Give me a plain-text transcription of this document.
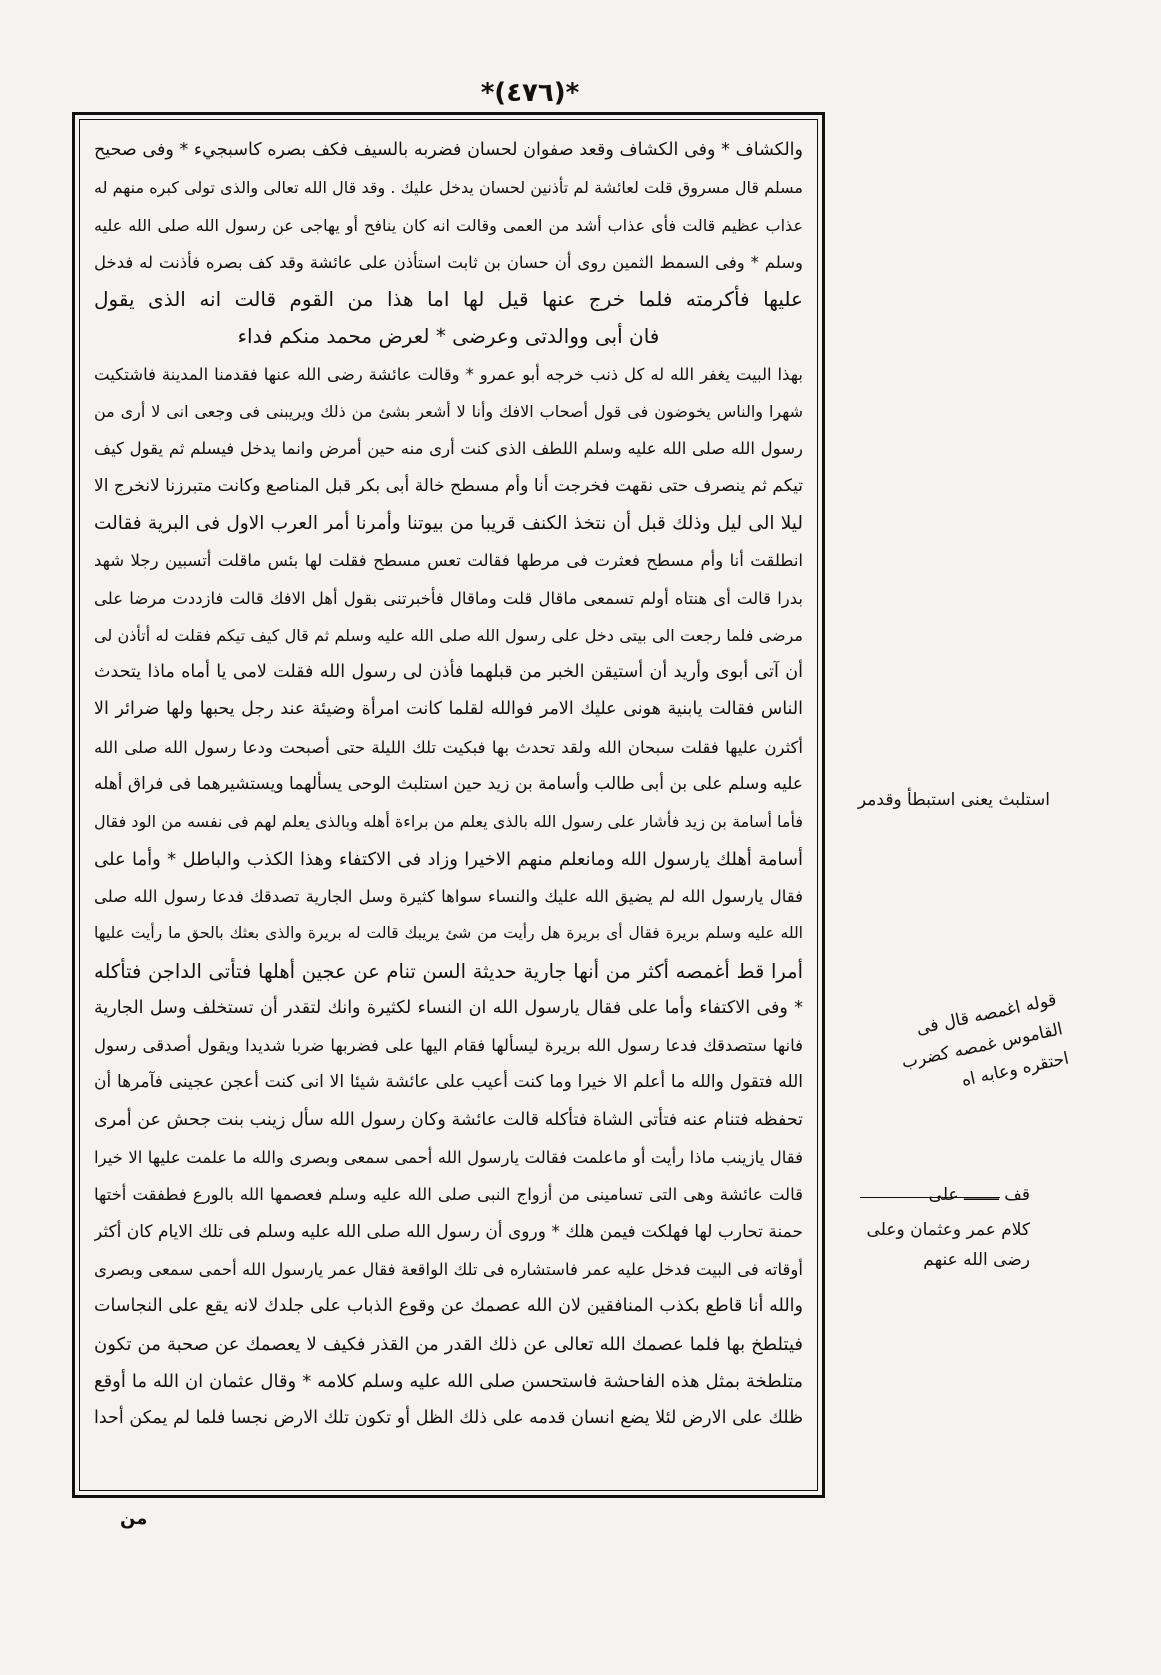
*(٤٧٦)*
والكشاف * وفى الكشاف وقعد صفوان لحسان فضربه بالسيف فكف بصره كاسبجيء * وفى صحيح
مسلم قال مسروق قلت لعائشة لم تأذنين لحسان يدخل عليك . وقد قال الله تعالى والذى تولى كبره منهم له
عذاب عظيم قالت فأى عذاب أشد من العمى وقالت انه كان ينافح أو يهاجى عن رسول الله صلى الله عليه
وسلم * وفى السمط الثمين روى أن حسان بن ثابت استأذن على عائشة وقد كف بصره فأذنت له فدخل
عليها فأكرمته فلما خرج عنها قيل لها اما هذا من القوم قالت انه الذى يقول
فان أبى ووالدتى وعرضى * لعرض محمد منكم فداء
بهذا البيت يغفر الله له كل ذنب خرجه أبو عمرو * وقالت عائشة رضى الله عنها فقدمنا المدينة فاشتكيت
شهرا والناس يخوضون فى قول أصحاب الافك وأنا لا أشعر بشئ من ذلك ويريبنى فى وجعى انى لا أرى من
رسول الله صلى الله عليه وسلم اللطف الذى كنت أرى منه حين أمرض وانما يدخل فيسلم ثم يقول كيف
تيكم ثم ينصرف حتى نقهت فخرجت أنا وأم مسطح خالة أبى بكر قبل المناصع وكانت متبرزنا لانخرج الا
ليلا الى ليل وذلك قبل أن نتخذ الكنف قريبا من بيوتنا وأمرنا أمر العرب الاول فى البرية فقالت
انطلقت أنا وأم مسطح فعثرت فى مرطها فقالت تعس مسطح فقلت لها بئس ماقلت أتسبين رجلا شهد
بدرا قالت أى هنتاه أولم تسمعى ماقال قلت وماقال فأخبرتنى بقول أهل الافك قالت فازددت مرضا على
مرضى فلما رجعت الى بيتى دخل على رسول الله صلى الله عليه وسلم ثم قال كيف تيكم فقلت له أتأذن لى
أن آتى أبوى وأريد أن أستيقن الخبر من قبلهما فأذن لى رسول الله فقلت لامى يا أماه ماذا يتحدث
الناس فقالت يابنية هونى عليك الامر فوالله لقلما كانت امرأة وضيئة عند رجل يحبها ولها ضرائر الا
أكثرن عليها فقلت سبحان الله ولقد تحدث بها فبكيت تلك الليلة حتى أصبحت ودعا رسول الله صلى الله
عليه وسلم على بن أبى طالب وأسامة بن زيد حين استلبث الوحى يسألهما ويستشيرهما فى فراق أهله
فأما أسامة بن زيد فأشار على رسول الله بالذى يعلم من براءة أهله وبالذى يعلم لهم فى نفسه من الود فقال
أسامة أهلك يارسول الله ومانعلم منهم الاخيرا وزاد فى الاكتفاء وهذا الكذب والباطل * وأما على
فقال يارسول الله لم يضيق الله عليك والنساء سواها كثيرة وسل الجارية تصدقك فدعا رسول الله صلى
الله عليه وسلم بريرة فقال أى بريرة هل رأيت من شئ يريبك قالت له بريرة والذى بعثك بالحق ما رأيت عليها
أمرا قط أغمصه أكثر من أنها جارية حديثة السن تنام عن عجين أهلها فتأتى الداجن فتأكله
* وفى الاكتفاء وأما على فقال يارسول الله ان النساء لكثيرة وانك لتقدر أن تستخلف وسل الجارية
فانها ستصدقك فدعا رسول الله بريرة ليسألها فقام اليها على فضربها ضربا شديدا ويقول أصدقى رسول
الله فتقول والله ما أعلم الا خيرا وما كنت أعيب على عائشة شيئا الا انى كنت أعجن عجينى فآمرها أن
تحفظه فتنام عنه فتأتى الشاة فتأكله قالت عائشة وكان رسول الله سأل زينب بنت جحش عن أمرى
فقال يازينب ماذا رأيت أو ماعلمت فقالت يارسول الله أحمى سمعى وبصرى والله ما علمت عليها الا خيرا
قالت عائشة وهى التى تسامينى من أزواج النبى صلى الله عليه وسلم فعصمها الله بالورع فطفقت أختها
حمنة تحارب لها فهلكت فيمن هلك * وروى أن رسول الله صلى الله عليه وسلم فى تلك الايام كان أكثر
أوقاته فى البيت فدخل عليه عمر فاستشاره فى تلك الواقعة فقال عمر يارسول الله أحمى سمعى وبصرى
والله أنا قاطع بكذب المنافقين لان الله عصمك عن وقوع الذباب على جلدك لانه يقع على النجاسات
فيتلطخ بها فلما عصمك الله تعالى عن ذلك القدر من القذر فكيف لا يعصمك عن صحبة من تكون
متلطخة بمثل هذه الفاحشة فاستحسن صلى الله عليه وسلم كلامه * وقال عثمان ان الله ما أوقع
ظلك على الارض لئلا يضع انسان قدمه على ذلك الظل أو تكون تلك الارض نجسا فلما لم يمكن أحدا
استلبث يعنى استبطأ وقدمر
قوله اغمصه قال فى القاموس غمصه كضرب احتقره وعابه اه
قف ـــــــ على
كلام عمر وعثمان وعلى رضى الله عنهم
من
